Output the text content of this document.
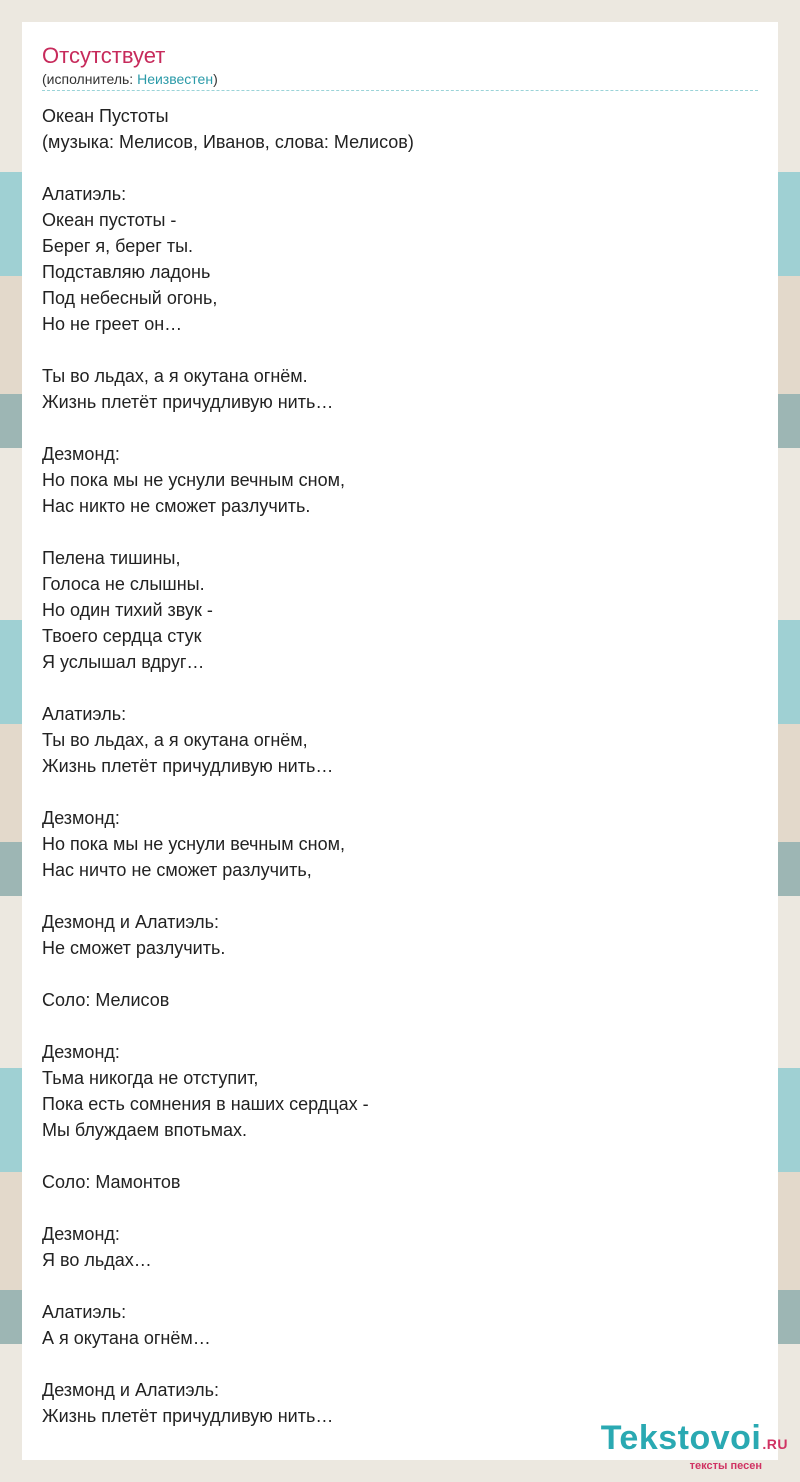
Отсутствует
(исполнитель: Неизвестен)
Океан Пустоты
(музыка: Мелисов, Иванов, слова: Мелисов)
Алатиэль:
Океан пустоты -
Берег я, берег ты.
Подставляю ладонь
Под небесный огонь,
Но не греет он…
Ты во льдах, а я окутана огнём.
Жизнь плетёт причудливую нить…
Дезмонд:
Но пока мы не уснули вечным сном,
Нас никто не сможет разлучить.
Пелена тишины,
Голоса не слышны.
Но один тихий звук -
Твоего сердца стук
Я услышал вдруг…
Алатиэль:
Ты во льдах, а я окутана огнём,
Жизнь плетёт причудливую нить…
Дезмонд:
Но пока мы не уснули вечным сном,
Нас ничто не сможет разлучить,
Дезмонд и Алатиэль:
Не сможет разлучить.
Соло: Мелисов
Дезмонд:
Тьма никогда не отступит,
Пока есть сомнения в наших сердцах -
Мы блуждаем впотьмах.
Соло: Мамонтов
Дезмонд:
Я во льдах…
Алатиэль:
А я окутана огнём…
Дезмонд и Алатиэль:
Жизнь плетёт причудливую нить…
Tekstovoi.RU
тексты песен
